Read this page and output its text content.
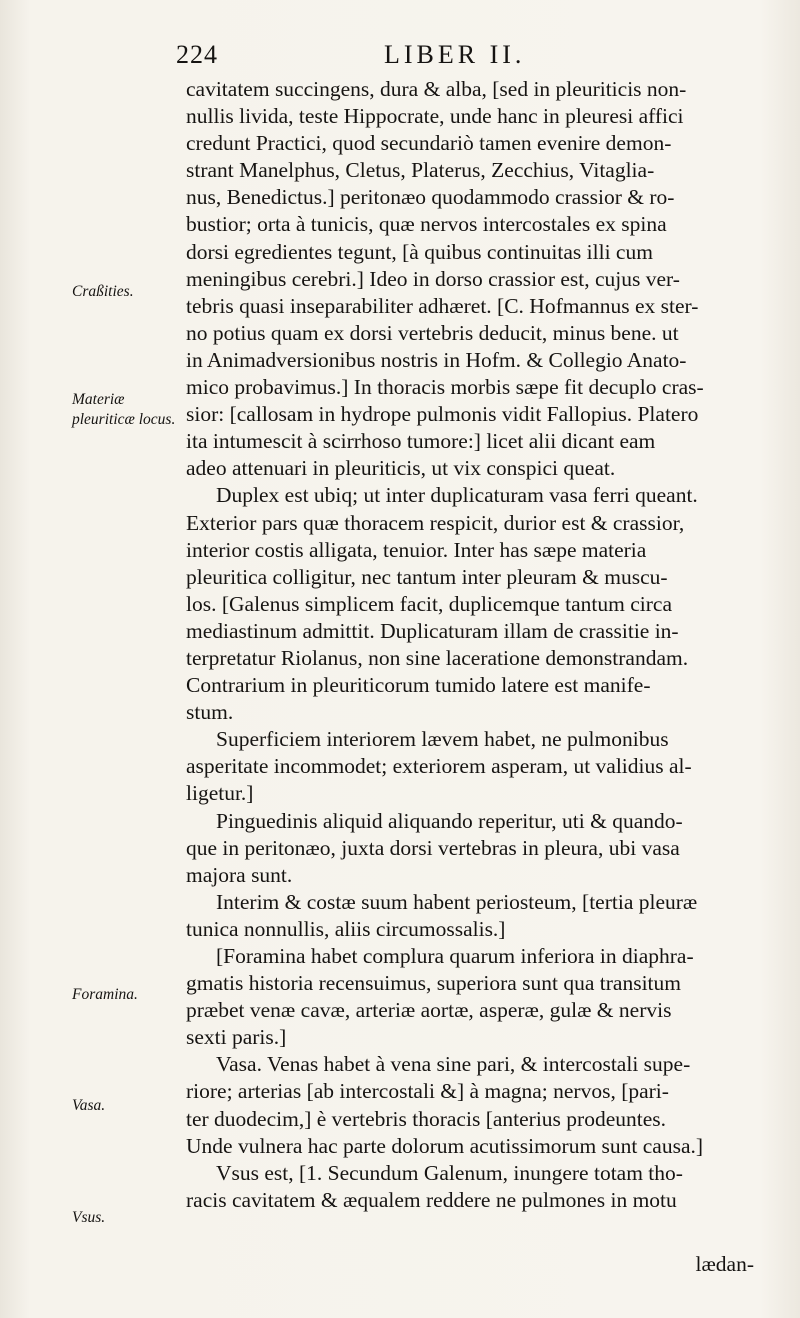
224	LIBER II.
Craßities.
Materiæ pleuriticæ locus.
Foramina.
Vasa.
Vsus.
cavitatem succingens, dura & alba, [sed in pleuriticis non-
nullis livida, teste Hippocrate, unde hanc in pleuresi affici
credunt Practici, quod secundariò tamen evenire demon-
strant Manelphus, Cletus, Platerus, Zecchius, Vitaglia-
nus, Benedictus.] peritonæo quodammodo crassior & ro-
bustior; orta à tunicis, quæ nervos intercostales ex spina
dorsi egredientes tegunt, [à quibus continuitas illi cum
meningibus cerebri.] Ideo in dorso crassior est, cujus ver-
tebris quasi inseparabiliter adhæret. [C. Hofmannus ex ster-
no potius quam ex dorsi vertebris deducit, minus bene. ut
in Animadversionibus nostris in Hofm. & Collegio Anato-
mico probavimus.] In thoracis morbis sæpe fit decuplo cras-
sior: [callosam in hydrope pulmonis vidit Fallopius. Platero
ita intumescit à scirrhoso tumore:] licet alii dicant eam
adeo attenuari in pleuriticis, ut vix conspici queat.
Duplex est ubiq; ut inter duplicaturam vasa ferri queant.
Exterior pars quæ thoracem respicit, durior est & crassior,
interior costis alligata, tenuior. Inter has sæpe materia
pleuritica colligitur, nec tantum inter pleuram & muscu-
los. [Galenus simplicem facit, duplicemque tantum circa
mediastinum admittit. Duplicaturam illam de crassitie in-
terpretatur Riolanus, non sine laceratione demonstrandam.
Contrarium in pleuriticorum tumido latere est manife-
stum.
Superficiem interiorem lævem habet, ne pulmonibus
asperitate incommodet; exteriorem asperam, ut validius al-
ligetur.]
Pinguedinis aliquid aliquando reperitur, uti & quando-
que in peritonæo, juxta dorsi vertebras in pleura, ubi vasa
majora sunt.
Interim & costæ suum habent periosteum, [tertia pleuræ
tunica nonnullis, aliis circumossalis.]
[Foramina habet complura quarum inferiora in diaphra-
gmatis historia recensuimus, superiora sunt qua transitum
præbet venæ cavæ, arteriæ aortæ, asperæ, gulæ & nervis
sexti paris.]
Vasa. Venas habet à vena sine pari, & intercostali supe-
riore; arterias [ab intercostali &] à magna; nervos, [pari-
ter duodecim,] è vertebris thoracis [anterius prodeuntes.
Unde vulnera hac parte dolorum acutissimorum sunt causa.]
Vsus est, [1. Secundum Galenum, inungere totam tho-
racis cavitatem & æqualem reddere ne pulmones in motu
lædan-
